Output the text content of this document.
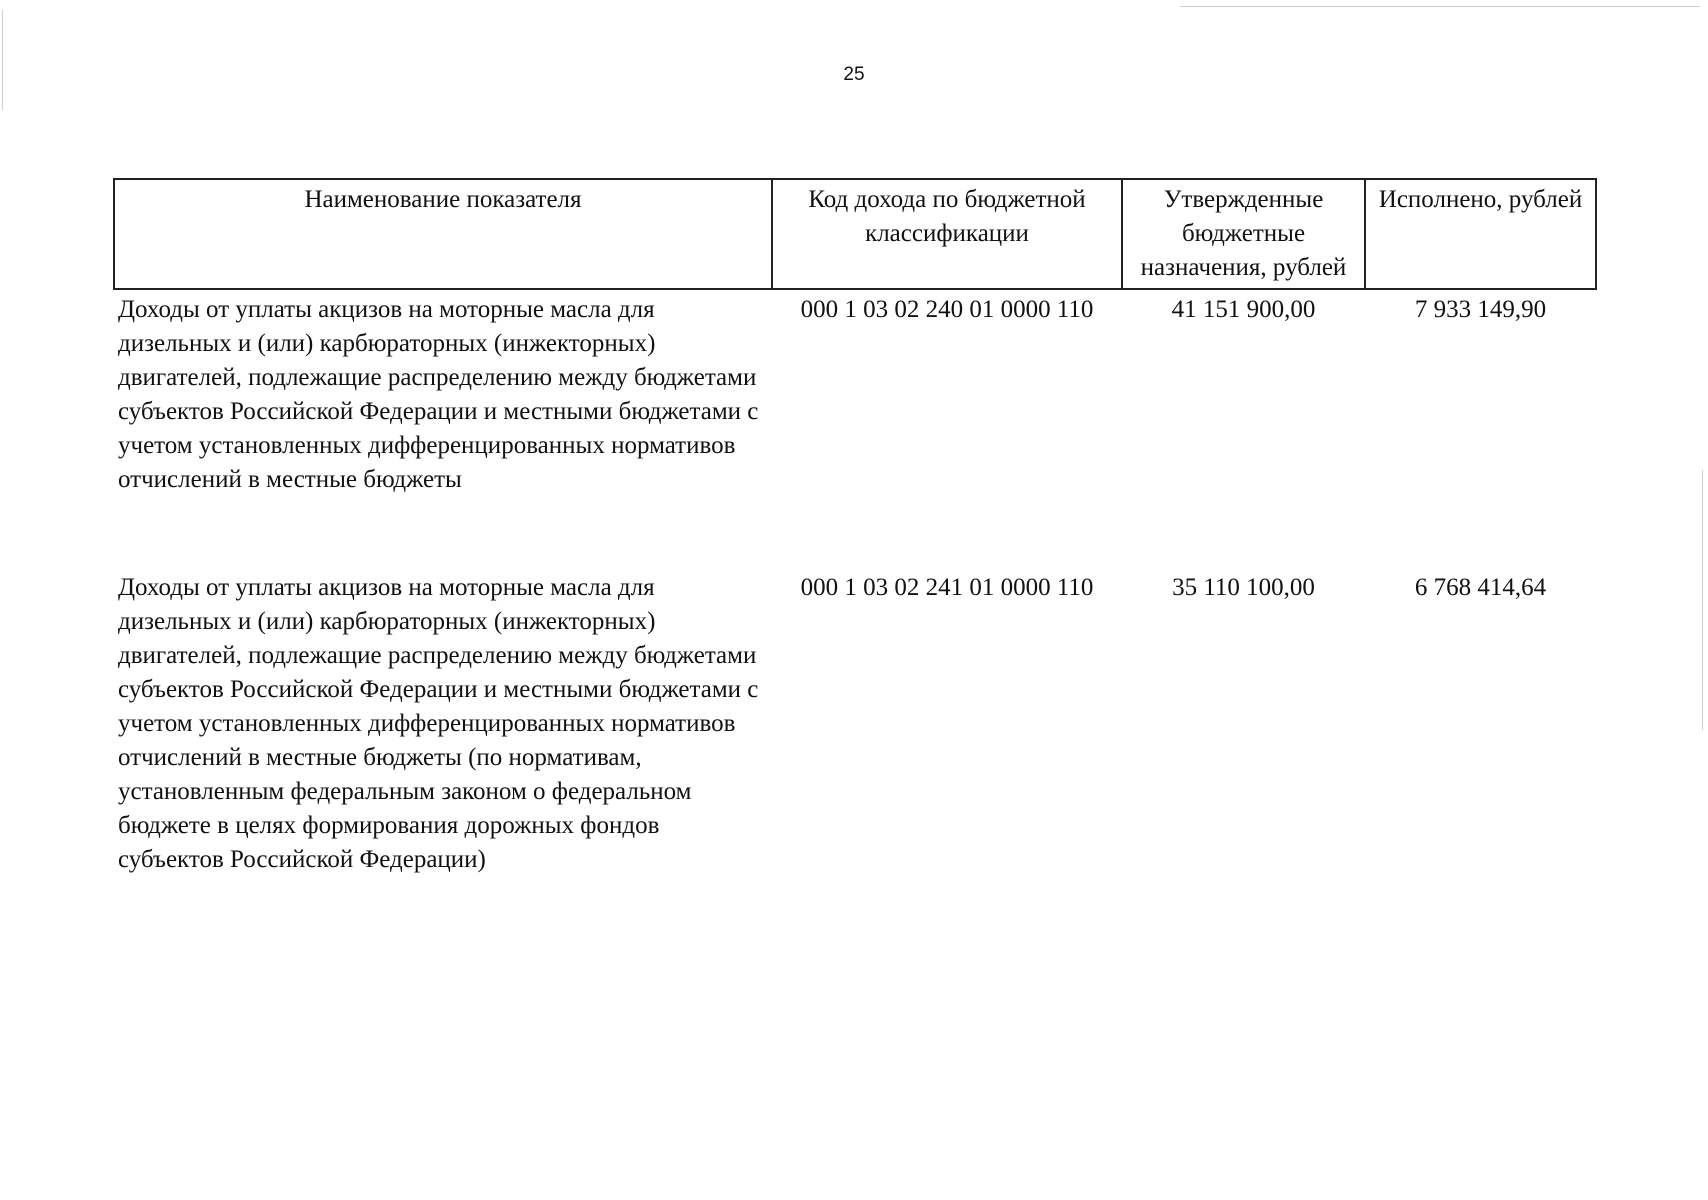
25
Наименование показателя	Код дохода по бюджетной классификации	Утвержденные бюджетные назначения, рублей	Исполнено, рублей
Доходы от уплаты акцизов на моторные масла для дизельных и (или) карбюраторных (инжекторных) двигателей, подлежащие распределению между бюджетами субъектов Российской Федерации и местными бюджетами с учетом установленных дифференцированных нормативов отчислений в местные бюджеты	000 1 03 02 240 01 0000 110	41 151 900,00	7 933 149,90
Доходы от уплаты акцизов на моторные масла для дизельных и (или) карбюраторных (инжекторных) двигателей, подлежащие распределению между бюджетами субъектов Российской Федерации и местными бюджетами с учетом установленных дифференцированных нормативов отчислений в местные бюджеты (по нормативам, установленным федеральным законом о федеральном бюджете в целях формирования дорожных фондов субъектов Российской Федерации)	000 1 03 02 241 01 0000 110	35 110 100,00	6 768 414,64
